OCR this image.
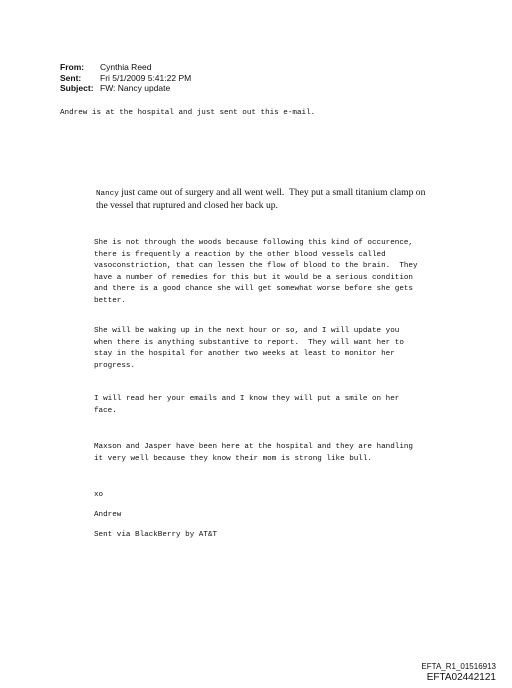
From:	Cynthia Reed
Sent:	Fri 5/1/2009 5:41:22 PM
Subject: FW: Nancy update
Andrew is at the hospital and just sent out this e-mail.
Nancy just came out of surgery and all went well.  They put a small titanium clamp on
the vessel that ruptured and closed her back up.
She is not through the woods because following this kind of occurence,
there is frequently a reaction by the other blood vessels called
vasoconstriction, that can lessen the flow of blood to the brain.  They
have a number of remedies for this but it would be a serious condition
and there is a good chance she will get somewhat worse before she gets
better.
She will be waking up in the next hour or so, and I will update you
when there is anything substantive to report.  They will want her to
stay in the hospital for another two weeks at least to monitor her
progress.
I will read her your emails and I know they will put a smile on her
face.
Maxson and Jasper have been here at the hospital and they are handling
it very well because they know their mom is strong like bull.
xo
Andrew
Sent via BlackBerry by AT&T
EFTA_R1_01516913
EFTA02442121
